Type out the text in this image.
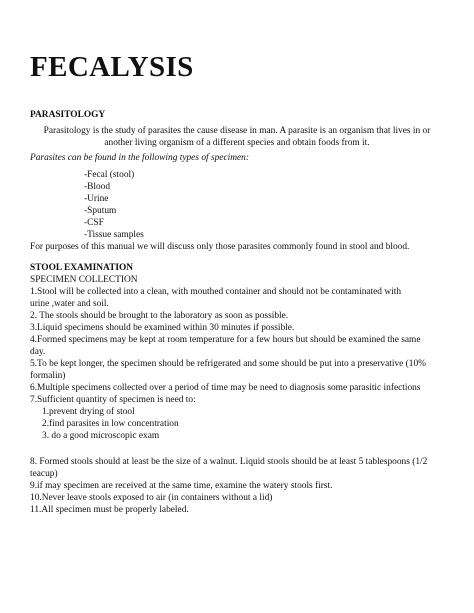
FECALYSIS
PARASITOLOGY
Parasitology is the study of parasites the cause disease in man. A parasite is an organism that lives in or
another living organism of a different species and obtain foods from it.
Parasites can be found in the following types of specimen:
-Fecal (stool)
-Blood
-Urine
-Sputum
-CSF
-Tissue samples
For purposes of this manual we will discuss only those parasites commonly found in stool and blood.
STOOL EXAMINATION
SPECIMEN COLLECTION
1.Stool will be collected into a clean, with mouthed container and should not be contaminated with
urine ,water and soil.
2. The stools should be brought to the laboratory as soon as possible.
3.Liquid specimens should be examined within 30 minutes if possible.
4.Formed specimens may be kept at room temperature for a few hours but should be examined the same
day.
5.To be kept longer, the specimen should be refrigerated and some should be put into a preservative (10%
formalin)
6.Multiple specimens collected over a period of time may be need to diagnosis some parasitic infections
7.Sufficient quantity of specimen is need to:
1.prevent drying of stool
2.find parasites in low concentration
3. do a good microscopic exam
8. Formed stools should at least be the size of a walnut. Liquid stools should be at least 5 tablespoons (1/2
teacup)
9.if may specimen are received at the same time, examine the watery stools first.
10.Never leave stools exposed to air (in containers without a lid)
11.All specimen must be properly labeled.
